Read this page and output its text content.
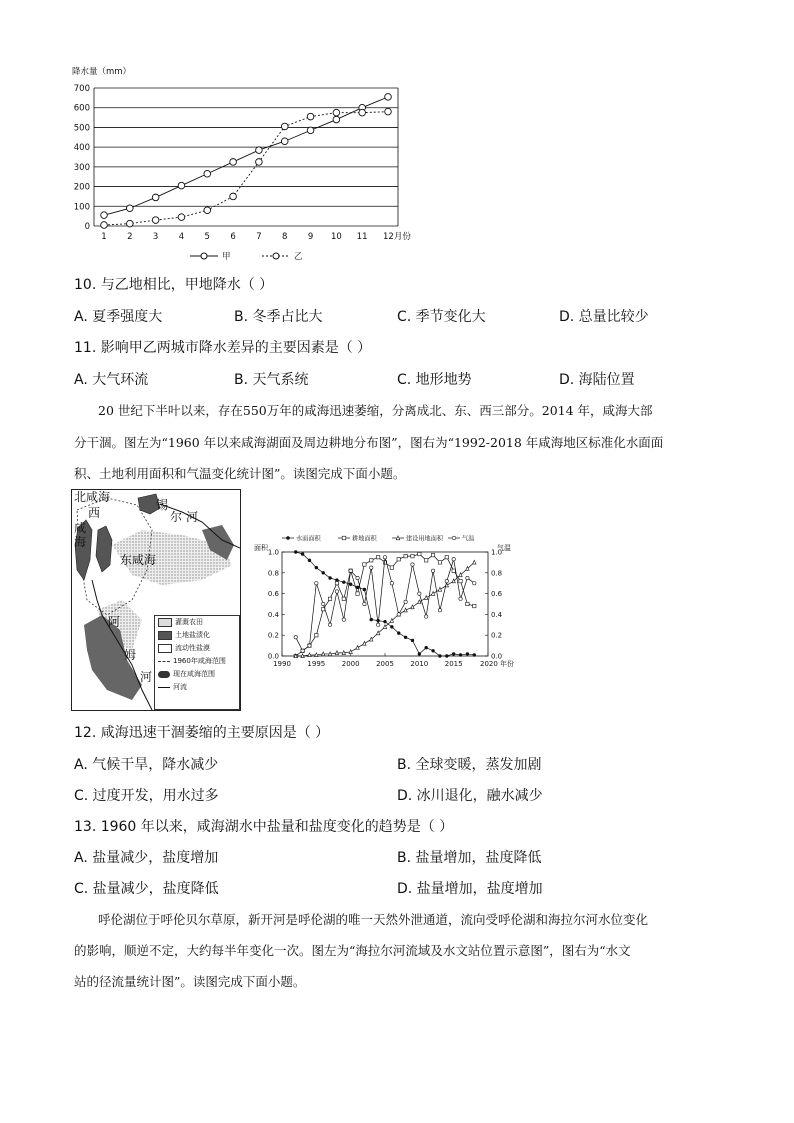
降水量（mm）
0
100
200
300
400
500
600
700
1 2 3 4 5 6 7 8 9 10 11 12月份
甲	乙
10. 与乙地相比，甲地降水（ ）
A. 夏季强度大	B. 冬季占比大	C. 季节变化大	D. 总量比较少
11. 影响甲乙两城市降水差异的主要因素是（ ）
A. 大气环流	B. 天气系统	C. 地形地势	D. 海陆位置
20 世纪下半叶以来，存在550万年的咸海迅速萎缩，分离成北、东、西三部分。2014 年，咸海大部
分干涸。图左为“1960 年以来咸海湖面及周边耕地分布图”，图右为“1992-2018 年咸海地区标准化水面面
积、土地利用面积和气温变化统计图”。读图完成下面小题。
北咸海
西
咸
海
东咸海
锡
尔 河
阿
姆
河
灌溉农田
土地盐渍化
流动性盐漠
1960年咸海范围
现在咸海范围
河流
水面面积	耕地面积	建设用地面积	气温
面积	气温
0.0	0.0
0.2	0.2
0.4	0.4
0.6	0.6
0.8	0.8
1.0	1.0
1990 1995 2000 2005 2010 2015 2020 年份
12. 咸海迅速干涸萎缩的主要原因是（ ）
A. 气候干旱，降水减少	B. 全球变暖，蒸发加剧
C. 过度开发，用水过多	D. 冰川退化，融水减少
13. 1960 年以来，咸海湖水中盐量和盐度变化的趋势是（ ）
A. 盐量减少，盐度增加	B. 盐量增加，盐度降低
C. 盐量减少，盐度降低	D. 盐量增加，盐度增加
呼伦湖位于呼伦贝尔草原，新开河是呼伦湖的唯一天然外泄通道，流向受呼伦湖和海拉尔河水位变化
的影响，顺逆不定，大约每半年变化一次。图左为“海拉尔河流域及水文站位置示意图”，图右为“水文
站的径流量统计图”。读图完成下面小题。
